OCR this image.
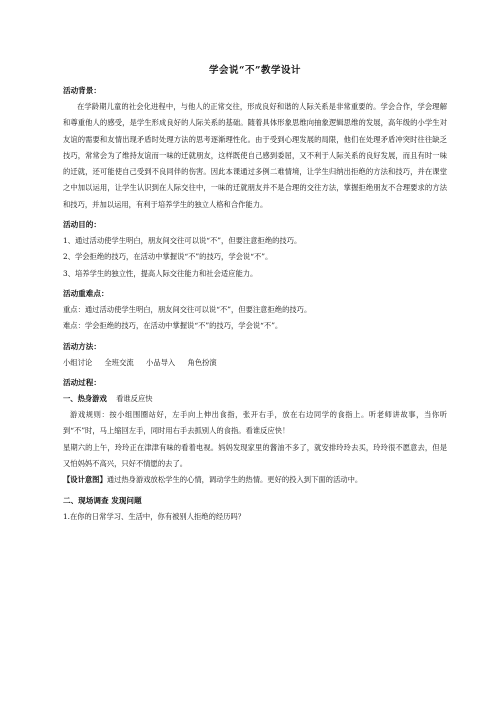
学会说“不”教学设计
活动背景：

在学龄期儿童的社会化进程中，与他人的正常交往，形成良好和谐的人际关系是非常重要的。学会合作，学会理解和尊重他人的感受，是学生形成良好的人际关系的基础。随着具体形象思维向抽象逻辑思维的发展，高年级的小学生对友谊的需要和友情出现矛盾时处理方法的思考逐渐理性化。由于受到心理发展的局限，他们在处理矛盾冲突时往往缺乏技巧，常常会为了维持友谊而一味的迁就朋友，这样既使自己感到委屈，又不利于人际关系的良好发展，而且有时一味的迁就，还可能使自己受到不良同伴的伤害。因此本课通过多例二难情境，让学生归纳出拒绝的方法和技巧，并在课堂之中加以运用，让学生认识到在人际交往中，一味的迁就朋友并不是合理的交往方法，掌握拒绝朋友不合理要求的方法和技巧，并加以运用，有利于培养学生的独立人格和合作能力。

活动目的：

1、通过活动使学生明白，朋友间交往可以说“不”，但要注意拒绝的技巧。

2、学会拒绝的技巧，在活动中掌握说“不”的技巧，学会说“不”。

3、培养学生的独立性，提高人际交往能力和社会适应能力。

活动重难点：

重点：通过活动使学生明白，朋友间交往可以说“不”，但要注意拒绝的技巧。

难点：学会拒绝的技巧，在活动中掌握说“不”的技巧，学会说“不”。

活动方法：

小组讨论 全班交流 小品导入 角色扮演

活动过程：

一、热身游戏 看谁反应快

游戏规则：按小组围圈站好，左手向上伸出食指，张开右手，放在右边同学的食指上。听老师讲故事，当你听到“不”时，马上缩回左手，同时用右手去抓别人的食指。看谁反应快！

星期六的上午，玲玲正在津津有味的看着电视。妈妈发现家里的酱油不多了，就安排玲玲去买，玲玲很不愿意去，但是又怕妈妈不高兴，只好不情愿的去了。

【设计意图】通过热身游戏放松学生的心情，调动学生的热情。更好的投入到下面的活动中。

二、现场调查 发现问题

1.在你的日常学习、生活中，你有被别人拒绝的经历吗？
